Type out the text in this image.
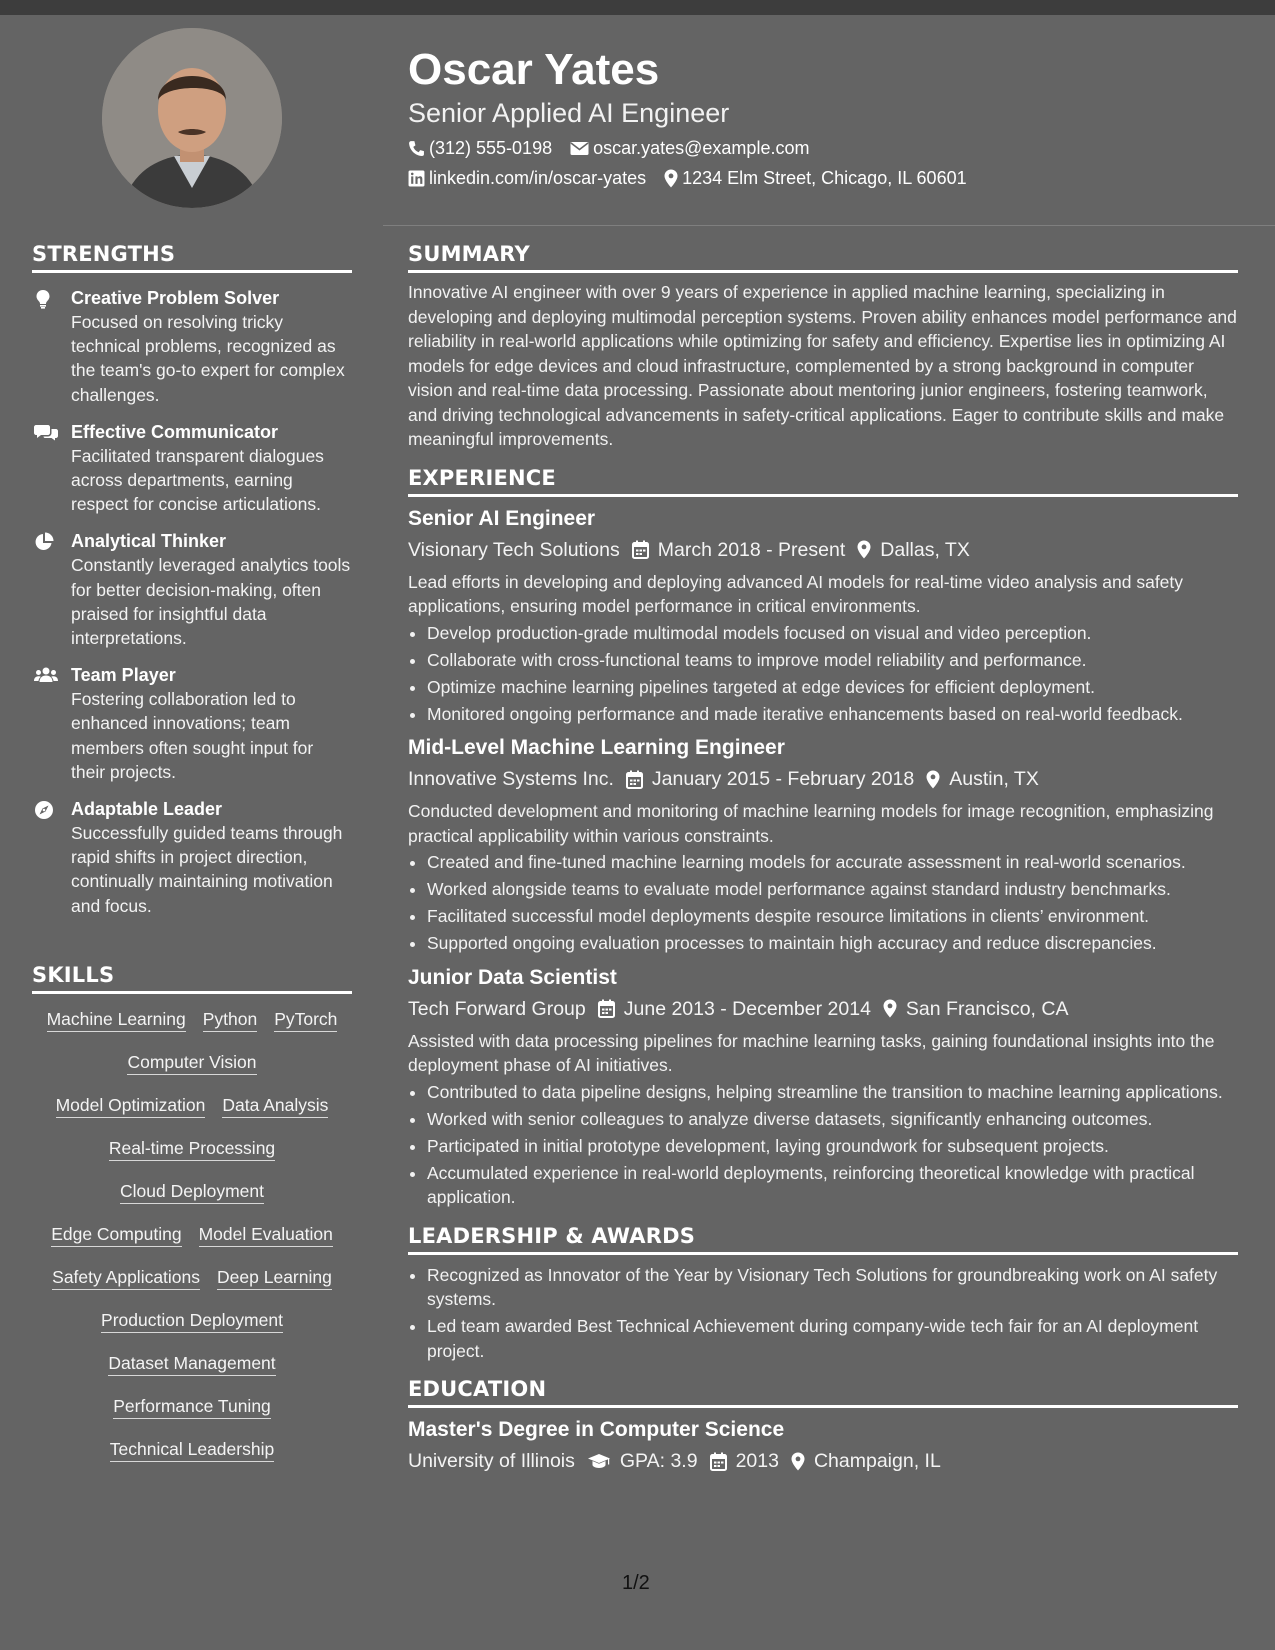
Oscar Yates
Senior Applied AI Engineer
(312) 555-0198 oscar.yates@example.com
linkedin.com/in/oscar-yates 1234 Elm Street, Chicago, IL 60601
STRENGTHS
Creative Problem Solver
Focused on resolving tricky technical problems, recognized as the team's go-to expert for complex challenges.
Effective Communicator
Facilitated transparent dialogues across departments, earning respect for concise articulations.
Analytical Thinker
Constantly leveraged analytics tools for better decision-making, often praised for insightful data interpretations.
Team Player
Fostering collaboration led to enhanced innovations; team members often sought input for their projects.
Adaptable Leader
Successfully guided teams through rapid shifts in project direction, continually maintaining motivation and focus.
SKILLS
Machine Learning Python PyTorch
Computer Vision
Model Optimization Data Analysis
Real-time Processing
Cloud Deployment
Edge Computing Model Evaluation
Safety Applications Deep Learning
Production Deployment
Dataset Management
Performance Tuning
Technical Leadership
SUMMARY
Innovative AI engineer with over 9 years of experience in applied machine learning, specializing in developing and deploying multimodal perception systems. Proven ability enhances model performance and reliability in real-world applications while optimizing for safety and efficiency. Expertise lies in optimizing AI models for edge devices and cloud infrastructure, complemented by a strong background in computer vision and real-time data processing. Passionate about mentoring junior engineers, fostering teamwork, and driving technological advancements in safety-critical applications. Eager to contribute skills and make meaningful improvements.
EXPERIENCE
Senior AI Engineer
Visionary Tech Solutions March 2018 - Present Dallas, TX
Lead efforts in developing and deploying advanced AI models for real-time video analysis and safety applications, ensuring model performance in critical environments.
• Develop production-grade multimodal models focused on visual and video perception.
• Collaborate with cross-functional teams to improve model reliability and performance.
• Optimize machine learning pipelines targeted at edge devices for efficient deployment.
• Monitored ongoing performance and made iterative enhancements based on real-world feedback.
Mid-Level Machine Learning Engineer
Innovative Systems Inc. January 2015 - February 2018 Austin, TX
Conducted development and monitoring of machine learning models for image recognition, emphasizing practical applicability within various constraints.
• Created and fine-tuned machine learning models for accurate assessment in real-world scenarios.
• Worked alongside teams to evaluate model performance against standard industry benchmarks.
• Facilitated successful model deployments despite resource limitations in clients’ environment.
• Supported ongoing evaluation processes to maintain high accuracy and reduce discrepancies.
Junior Data Scientist
Tech Forward Group June 2013 - December 2014 San Francisco, CA
Assisted with data processing pipelines for machine learning tasks, gaining foundational insights into the deployment phase of AI initiatives.
• Contributed to data pipeline designs, helping streamline the transition to machine learning applications.
• Worked with senior colleagues to analyze diverse datasets, significantly enhancing outcomes.
• Participated in initial prototype development, laying groundwork for subsequent projects.
• Accumulated experience in real-world deployments, reinforcing theoretical knowledge with practical application.
LEADERSHIP & AWARDS
• Recognized as Innovator of the Year by Visionary Tech Solutions for groundbreaking work on AI safety systems.
• Led team awarded Best Technical Achievement during company-wide tech fair for an AI deployment project.
EDUCATION
Master's Degree in Computer Science
University of Illinois GPA: 3.9 2013 Champaign, IL
1/2
